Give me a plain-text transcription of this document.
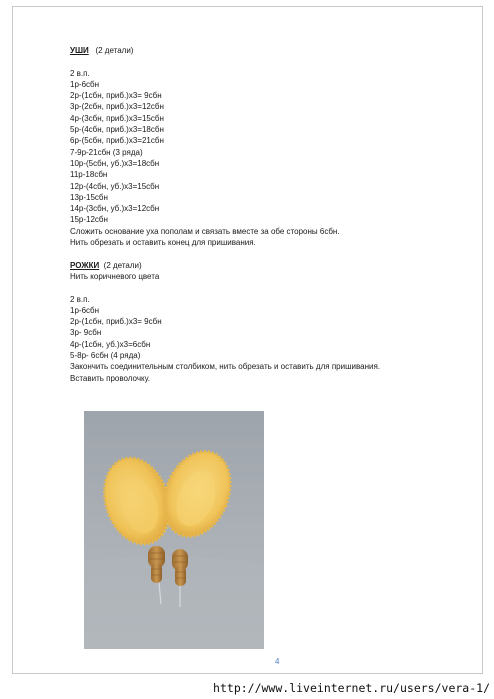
УШИ (2 детали)
2 в.п.
1р-6сбн
2р-(1сбн, приб.)х3= 9сбн
3р-(2сбн, приб.)х3=12сбн
4р-(3сбн, приб.)х3=15сбн
5р-(4сбн, приб.)х3=18сбн
6р-(5сбн, приб.)х3=21сбн
7-9р-21сбн (3 ряда)
10р-(5сбн, уб.)х3=18сбн
11р-18сбн
12р-(4сбн, уб.)х3=15сбн
13р-15сбн
14р-(3сбн, уб.)х3=12сбн
15р-12сбн
Сложить основание уха пополам и связать вместе за обе стороны 6сбн.
Нить обрезать и оставить конец для пришивания.
РОЖКИ (2 детали)
Нить коричневого цвета
2 в.п.
1р-6сбн
2р-(1сбн, приб.)х3= 9сбн
3р- 9сбн
4р-(1сбн, уб.)х3=6сбн
5-8р- 6сбн (4 ряда)
Закончить соединительным столбиком, нить обрезать и оставить для пришивания.
Вставить проволочку.
4
http://www.liveinternet.ru/users/vera-1/
